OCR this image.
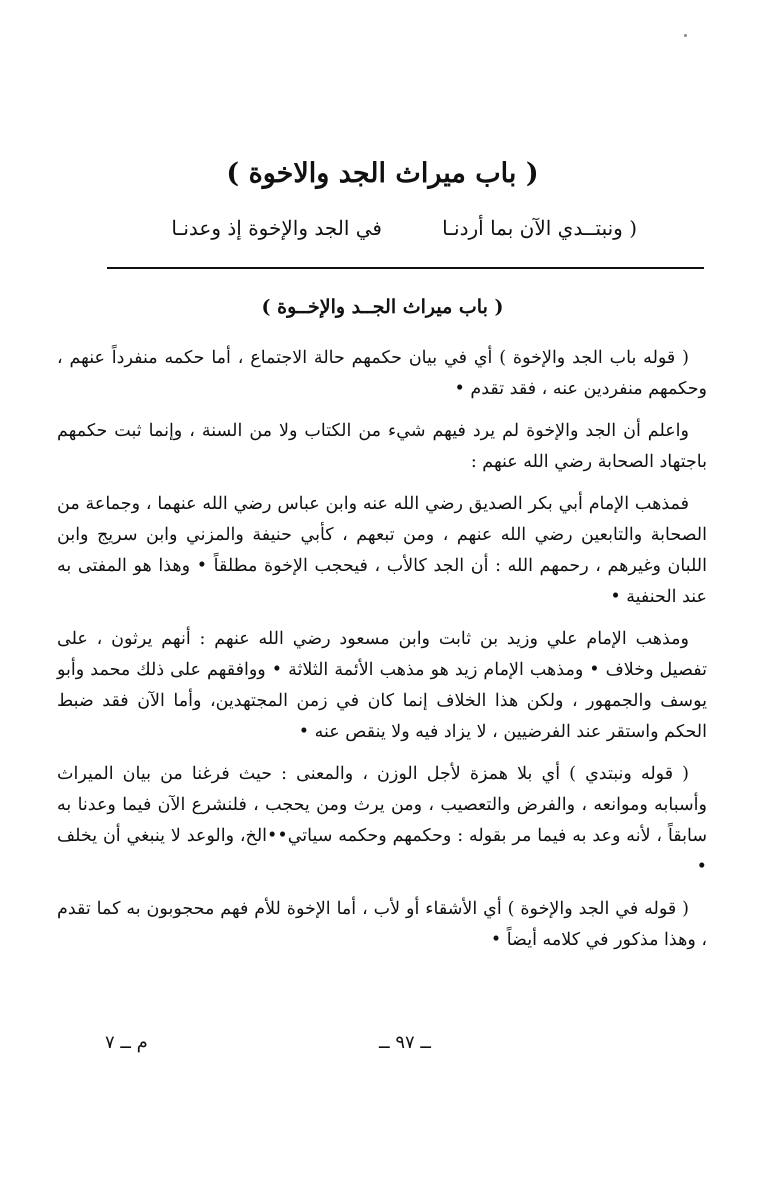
( باب ميراث الجد والاخوة )
( ونبتــدي الآن بما أردنـا
في الجد والإخوة إذ وعدنـا
( باب ميراث الجــد والإخــوة )

( قوله باب الجد والإخوة ) أي في بيان حكمهم حالة الاجتماع ، أما حكمه منفرداً عنهم ، وحكمهم منفردين عنه ، فقد تقدم •

واعلم أن الجد والإخوة لم يرد فيهم شيء من الكتاب ولا من السنة ، وإنما ثبت حكمهم باجتهاد الصحابة رضي الله عنهم :

فمذهب الإمام أبي بكر الصديق رضي الله عنه وابن عباس رضي الله عنهما ، وجماعة من الصحابة والتابعين رضي الله عنهم ، ومن تبعهم ، كأبي حنيفة والمزني وابن سريج وابن اللبان وغيرهم ، رحمهم الله : أن الجد كالأب ، فيحجب الإخوة مطلقاً • وهذا هو المفتى به عند الحنفية •

ومذهب الإمام علي وزيد بن ثابت وابن مسعود رضي الله عنهم : أنهم يرثون ، على تفصيل وخلاف • ومذهب الإمام زيد هو مذهب الأئمة الثلاثة • ووافقهم على ذلك محمد وأبو يوسف والجمهور ، ولكن هذا الخلاف إنما كان في زمن المجتهدين، وأما الآن فقد ضبط الحكم واستقر عند الفرضيين ، لا يزاد فيه ولا ينقص عنه •

( قوله ونبتدي ) أي بلا همزة لأجل الوزن ، والمعنى : حيث فرغنا من بيان الميراث وأسبابه وموانعه ، والفرض والتعصيب ، ومن يرث ومن يحجب ، فلنشرع الآن فيما وعدنا به سابقاً ، لأنه وعد به فيما مر بقوله : وحكمهم وحكمه سياتي••الخ، والوعد لا ينبغي أن يخلف •

( قوله في الجد والإخوة ) أي الأشقاء أو لأب ، أما الإخوة للأم فهم محجوبون به كما تقدم ، وهذا مذكور في كلامه أيضاً •

م ــ ٧	ــ ٩٧ ــ
